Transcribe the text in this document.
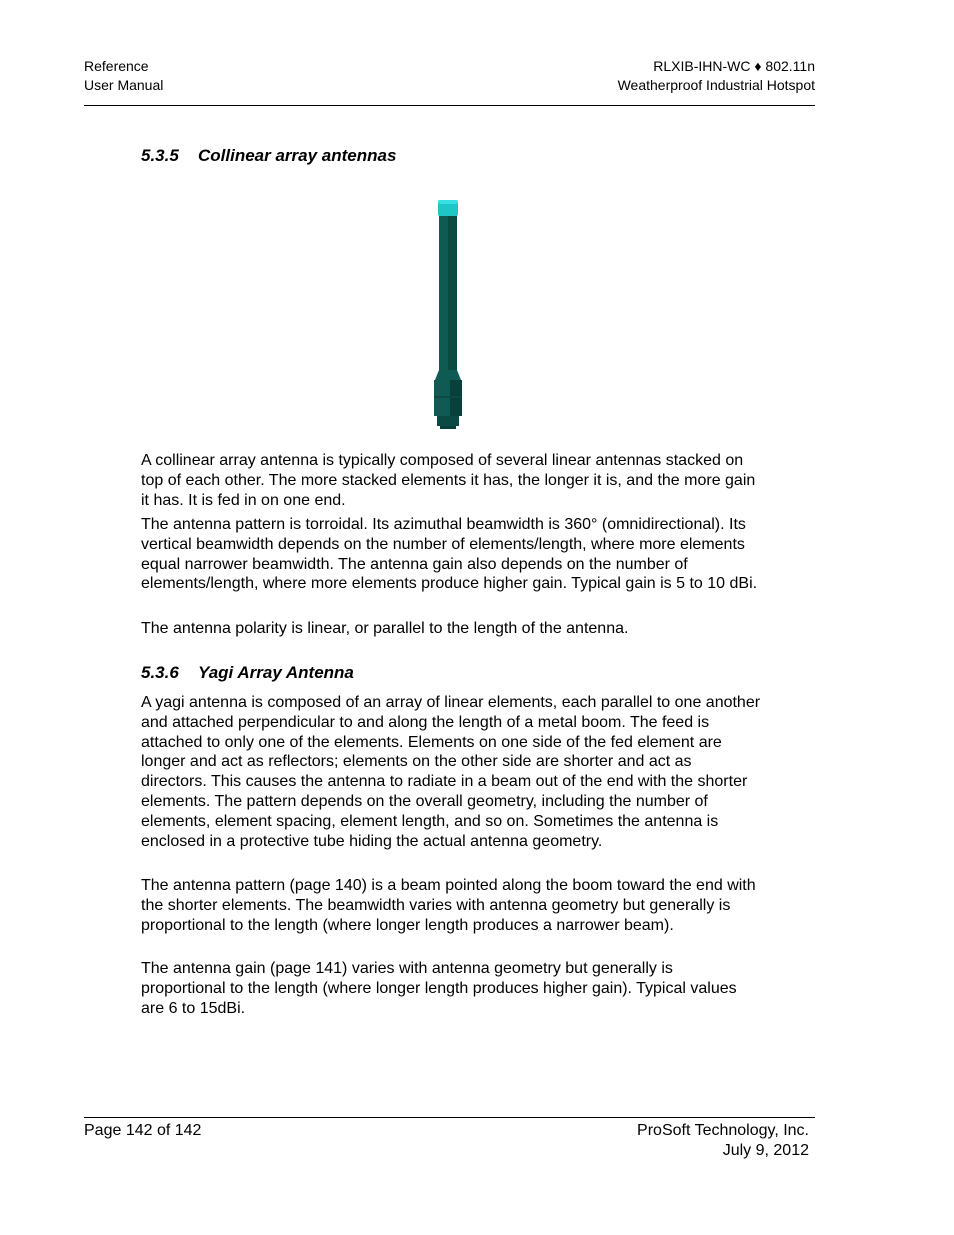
Reference
User Manual
RLXIB-IHN-WC ♦ 802.11n
Weatherproof Industrial Hotspot
5.3.5 Collinear array antennas

A collinear array antenna is typically composed of several linear antennas stacked on top of each other. The more stacked elements it has, the longer it is, and the more gain it has. It is fed in on one end.

The antenna pattern is torroidal. Its azimuthal beamwidth is 360° (omnidirectional). Its vertical beamwidth depends on the number of elements/length, where more elements equal narrower beamwidth. The antenna gain also depends on the number of elements/length, where more elements produce higher gain. Typical gain is 5 to 10 dBi.

The antenna polarity is linear, or parallel to the length of the antenna.

5.3.6 Yagi Array Antenna

A yagi antenna is composed of an array of linear elements, each parallel to one another and attached perpendicular to and along the length of a metal boom. The feed is attached to only one of the elements. Elements on one side of the fed element are longer and act as reflectors; elements on the other side are shorter and act as directors. This causes the antenna to radiate in a beam out of the end with the shorter elements. The pattern depends on the overall geometry, including the number of elements, element spacing, element length, and so on. Sometimes the antenna is enclosed in a protective tube hiding the actual antenna geometry.

The antenna pattern (page 140) is a beam pointed along the boom toward the end with the shorter elements. The beamwidth varies with antenna geometry but generally is proportional to the length (where longer length produces a narrower beam).

The antenna gain (page 141) varies with antenna geometry but generally is proportional to the length (where longer length produces higher gain). Typical values are 6 to 15dBi.

Page 142 of 142	ProSoft Technology, Inc.
July 9, 2012
